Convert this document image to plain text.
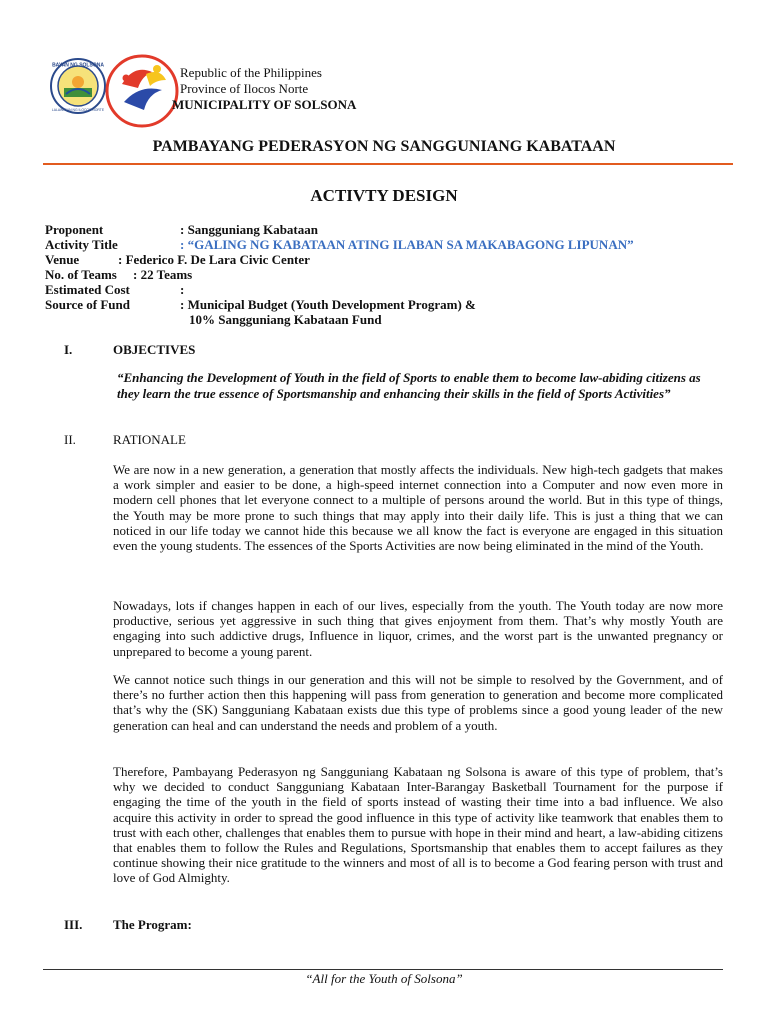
BAYAN NG SOLSONA
LALAWIGAN NG ILOCOS NORTE
Republic of the Philippines
Province of Ilocos Norte
MUNICIPALITY OF SOLSONA
PAMBAYANG PEDERASYON NG SANGGUNIANG KABATAAN
ACTIVTY DESIGN
Proponent	: Sangguniang Kabataan
Activity Title	: “GALING NG KABATAAN ATING ILABAN SA MAKABAGONG LIPUNAN”
Venue	: Federico F. De Lara Civic Center
No. of Teams : 22 Teams
Estimated Cost	:
Source of Fund	: Municipal Budget (Youth Development Program) &
10% Sangguniang Kabataan Fund
I.	OBJECTIVES
“Enhancing the Development of Youth in the field of Sports to enable them to become law-abiding citizens as they learn the true essence of Sportsmanship and enhancing their skills in the field of Sports Activities”
II.	RATIONALE
We are now in a new generation, a generation that mostly affects the individuals. New high-tech gadgets that makes a work simpler and easier to be done, a high-speed internet connection into a Computer and now even more in modern cell phones that let everyone connect to a multiple of persons around the world. But in this type of things, the Youth may be more prone to such things that may apply into their daily life. This is just a thing that we can noticed in our life today we cannot hide this because we all know the fact is everyone are engaged in this situation even the young students. The essences of the Sports Activities are now being eliminated in the mind of the Youth.
Nowadays, lots if changes happen in each of our lives, especially from the youth. The Youth today are now more productive, serious yet aggressive in such thing that gives enjoyment from them. That’s why mostly Youth are engaging into such addictive drugs, Influence in liquor, crimes, and the worst part is the unwanted pregnancy or unprepared to become a young parent.
We cannot notice such things in our generation and this will not be simple to resolved by the Government, and of there’s no further action then this happening will pass from generation to generation and become more complicated that’s why the (SK) Sangguniang Kabataan exists due this type of problems since a good young leader of the new generation can heal and can understand the needs and problem of a youth.
Therefore, Pambayang Pederasyon ng Sangguniang Kabataan ng Solsona is aware of this type of problem, that’s why we decided to conduct Sangguniang Kabataan Inter-Barangay Basketball Tournament for the purpose if engaging the time of the youth in the field of sports instead of wasting their time into a bad influence. We also acquire this activity in order to spread the good influence in this type of activity like teamwork that enables them to trust with each other, challenges that enables them to pursue with hope in their mind and heart, a law-abiding citizens that enables them to follow the Rules and Regulations, Sportsmanship that enables them to accept failures as they continue showing their nice gratitude to the winners and most of all is to become a God fearing person with trust and love of God Almighty.
III. The Program:
“All for the Youth of Solsona”
